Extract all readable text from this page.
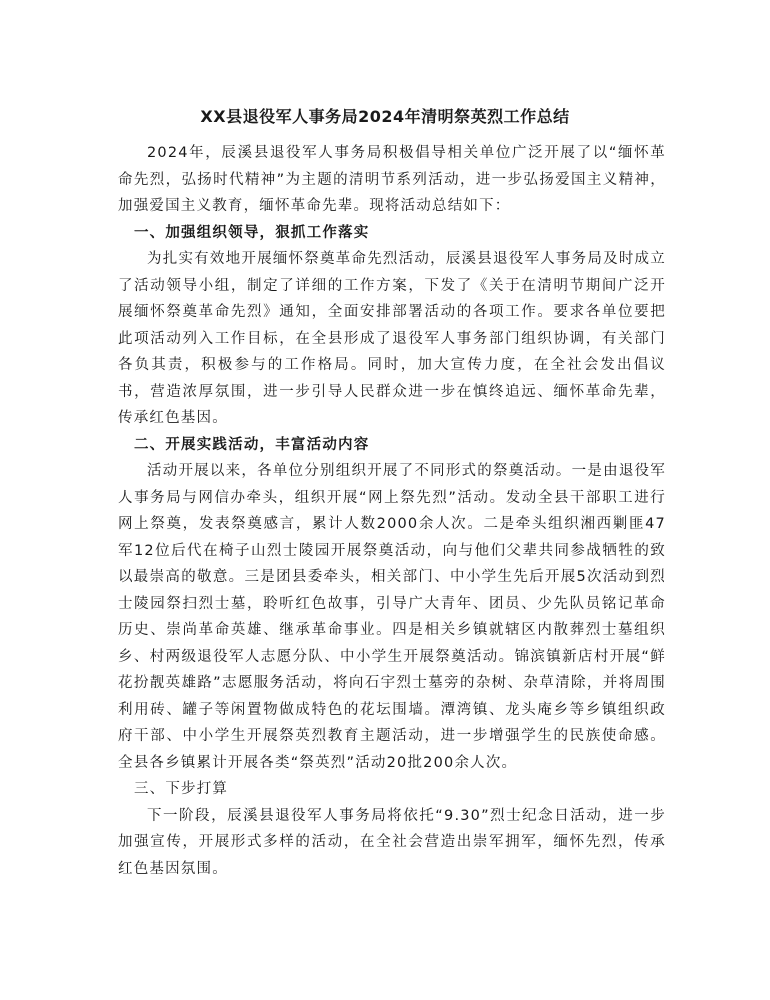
XX县退役军人事务局2024年清明祭英烈工作总结

2024年，辰溪县退役军人事务局积极倡导相关单位广泛开展了以“缅怀革命先烈，弘扬时代精神”为主题的清明节系列活动，进一步弘扬爱国主义精神，加强爱国主义教育，缅怀革命先辈。现将活动总结如下：

一、加强组织领导，狠抓工作落实

为扎实有效地开展缅怀祭奠革命先烈活动，辰溪县退役军人事务局及时成立了活动领导小组，制定了详细的工作方案，下发了《关于在清明节期间广泛开展缅怀祭奠革命先烈》通知，全面安排部署活动的各项工作。要求各单位要把此项活动列入工作目标，在全县形成了退役军人事务部门组织协调，有关部门各负其责，积极参与的工作格局。同时，加大宣传力度，在全社会发出倡议书，营造浓厚氛围，进一步引导人民群众进一步在慎终追远、缅怀革命先辈，传承红色基因。

二、开展实践活动，丰富活动内容

活动开展以来，各单位分别组织开展了不同形式的祭奠活动。一是由退役军人事务局与网信办牵头，组织开展“网上祭先烈”活动。发动全县干部职工进行网上祭奠，发表祭奠感言，累计人数2000余人次。二是牵头组织湘西剿匪47军12位后代在椅子山烈士陵园开展祭奠活动，向与他们父辈共同参战牺牲的致以最崇高的敬意。三是团县委牵头，相关部门、中小学生先后开展5次活动到烈士陵园祭扫烈士墓，聆听红色故事，引导广大青年、团员、少先队员铭记革命历史、崇尚革命英雄、继承革命事业。四是相关乡镇就辖区内散葬烈士墓组织乡、村两级退役军人志愿分队、中小学生开展祭奠活动。锦滨镇新店村开展“鲜花扮靓英雄路”志愿服务活动，将向石宇烈士墓旁的杂树、杂草清除，并将周围利用砖、罐子等闲置物做成特色的花坛围墙。潭湾镇、龙头庵乡等乡镇组织政府干部、中小学生开展祭英烈教育主题活动，进一步增强学生的民族使命感。全县各乡镇累计开展各类“祭英烈”活动20批200余人次。

三、下步打算

下一阶段，辰溪县退役军人事务局将依托“9.30”烈士纪念日活动，进一步加强宣传，开展形式多样的活动，在全社会营造出崇军拥军，缅怀先烈，传承红色基因氛围。
